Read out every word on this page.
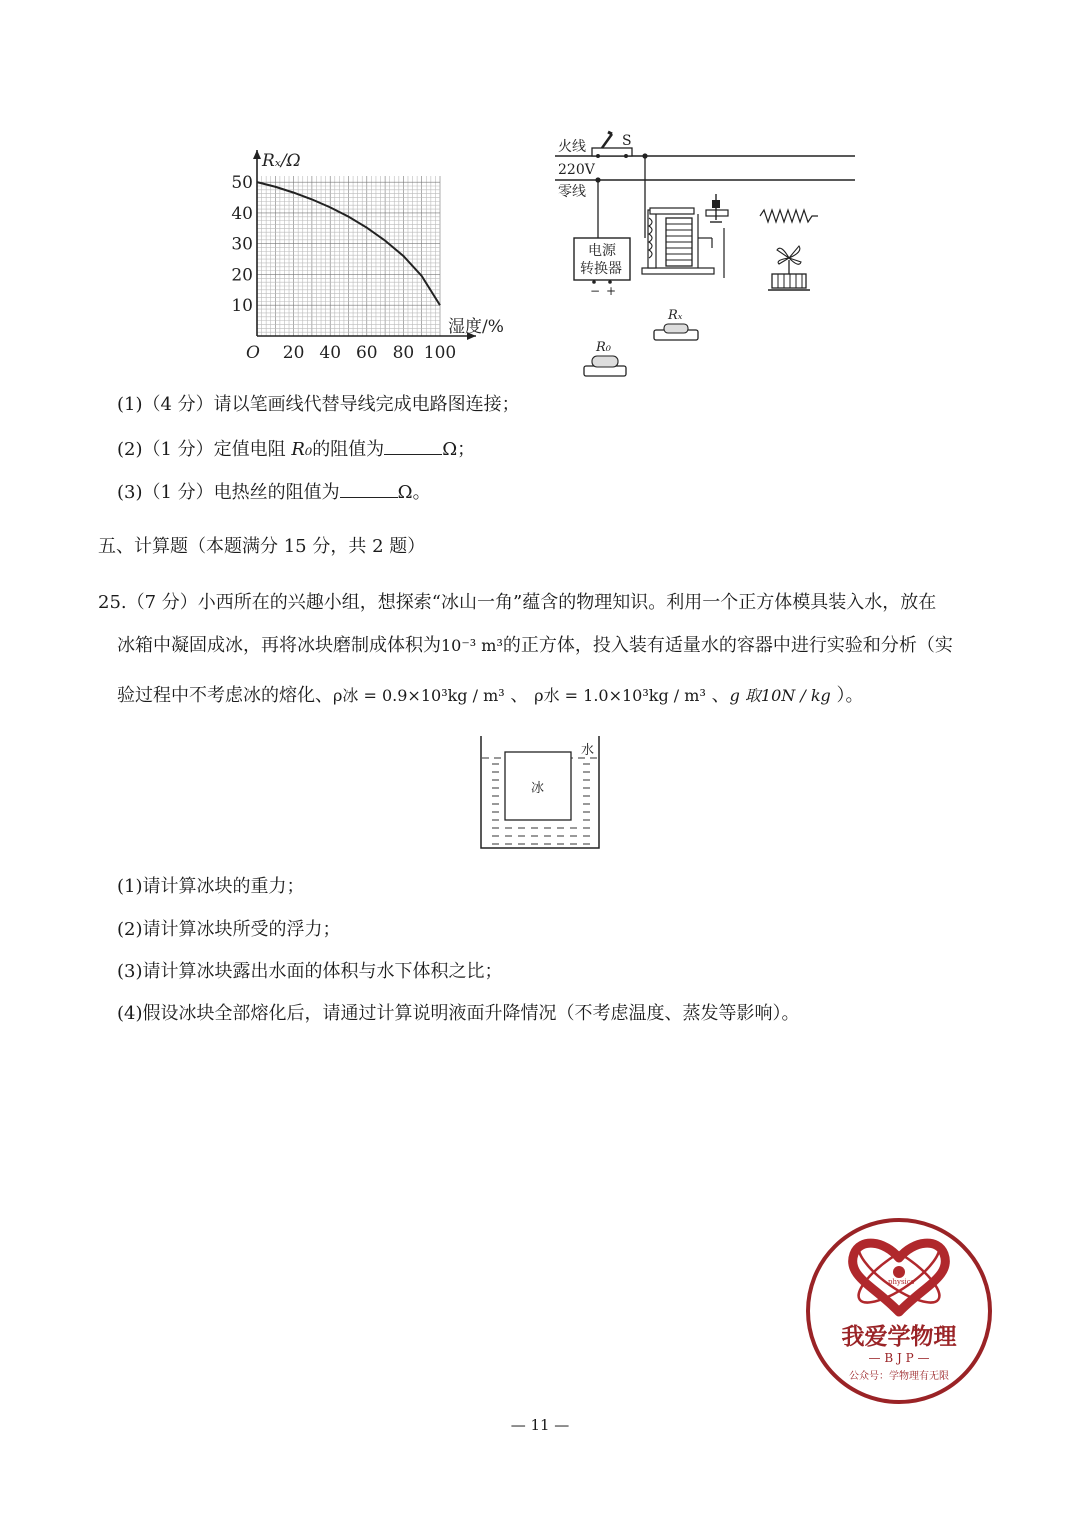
20 40 60 80 100
10
20
30
40
50
Rₓ/Ω
湿度/%
O
火线
220V
零线
S
电源
转换器
− +
Rₓ
R₀
(1)（4 分）请以笔画线代替导线完成电路图连接；
(2)（1 分）定值电阻 R₀的阻值为	Ω；
(3)（1 分）电热丝的阻值为	Ω。
五、计算题（本题满分 15 分，共 2 题）
25.（7 分）小西所在的兴趣小组，想探索“冰山一角”蕴含的物理知识。利用一个正方体模具装入水，放在
冰箱中凝固成冰，再将冰块磨制成体积为10⁻³ m³的正方体，投入装有适量水的容器中进行实验和分析（实
验过程中不考虑冰的熔化、ρ冰 = 0.9×10³kg / m³ 、 ρ水 = 1.0×10³kg / m³ 、g 取10N / kg ）。
冰
水
(1)请计算冰块的重力；
(2)请计算冰块所受的浮力；
(3)请计算冰块露出水面的体积与水下体积之比；
(4)假设冰块全部熔化后，请通过计算说明液面升降情况（不考虑温度、蒸发等影响）。
physics
我爱学物理
— B J P —
公众号：学物理有无限
— 11 —
